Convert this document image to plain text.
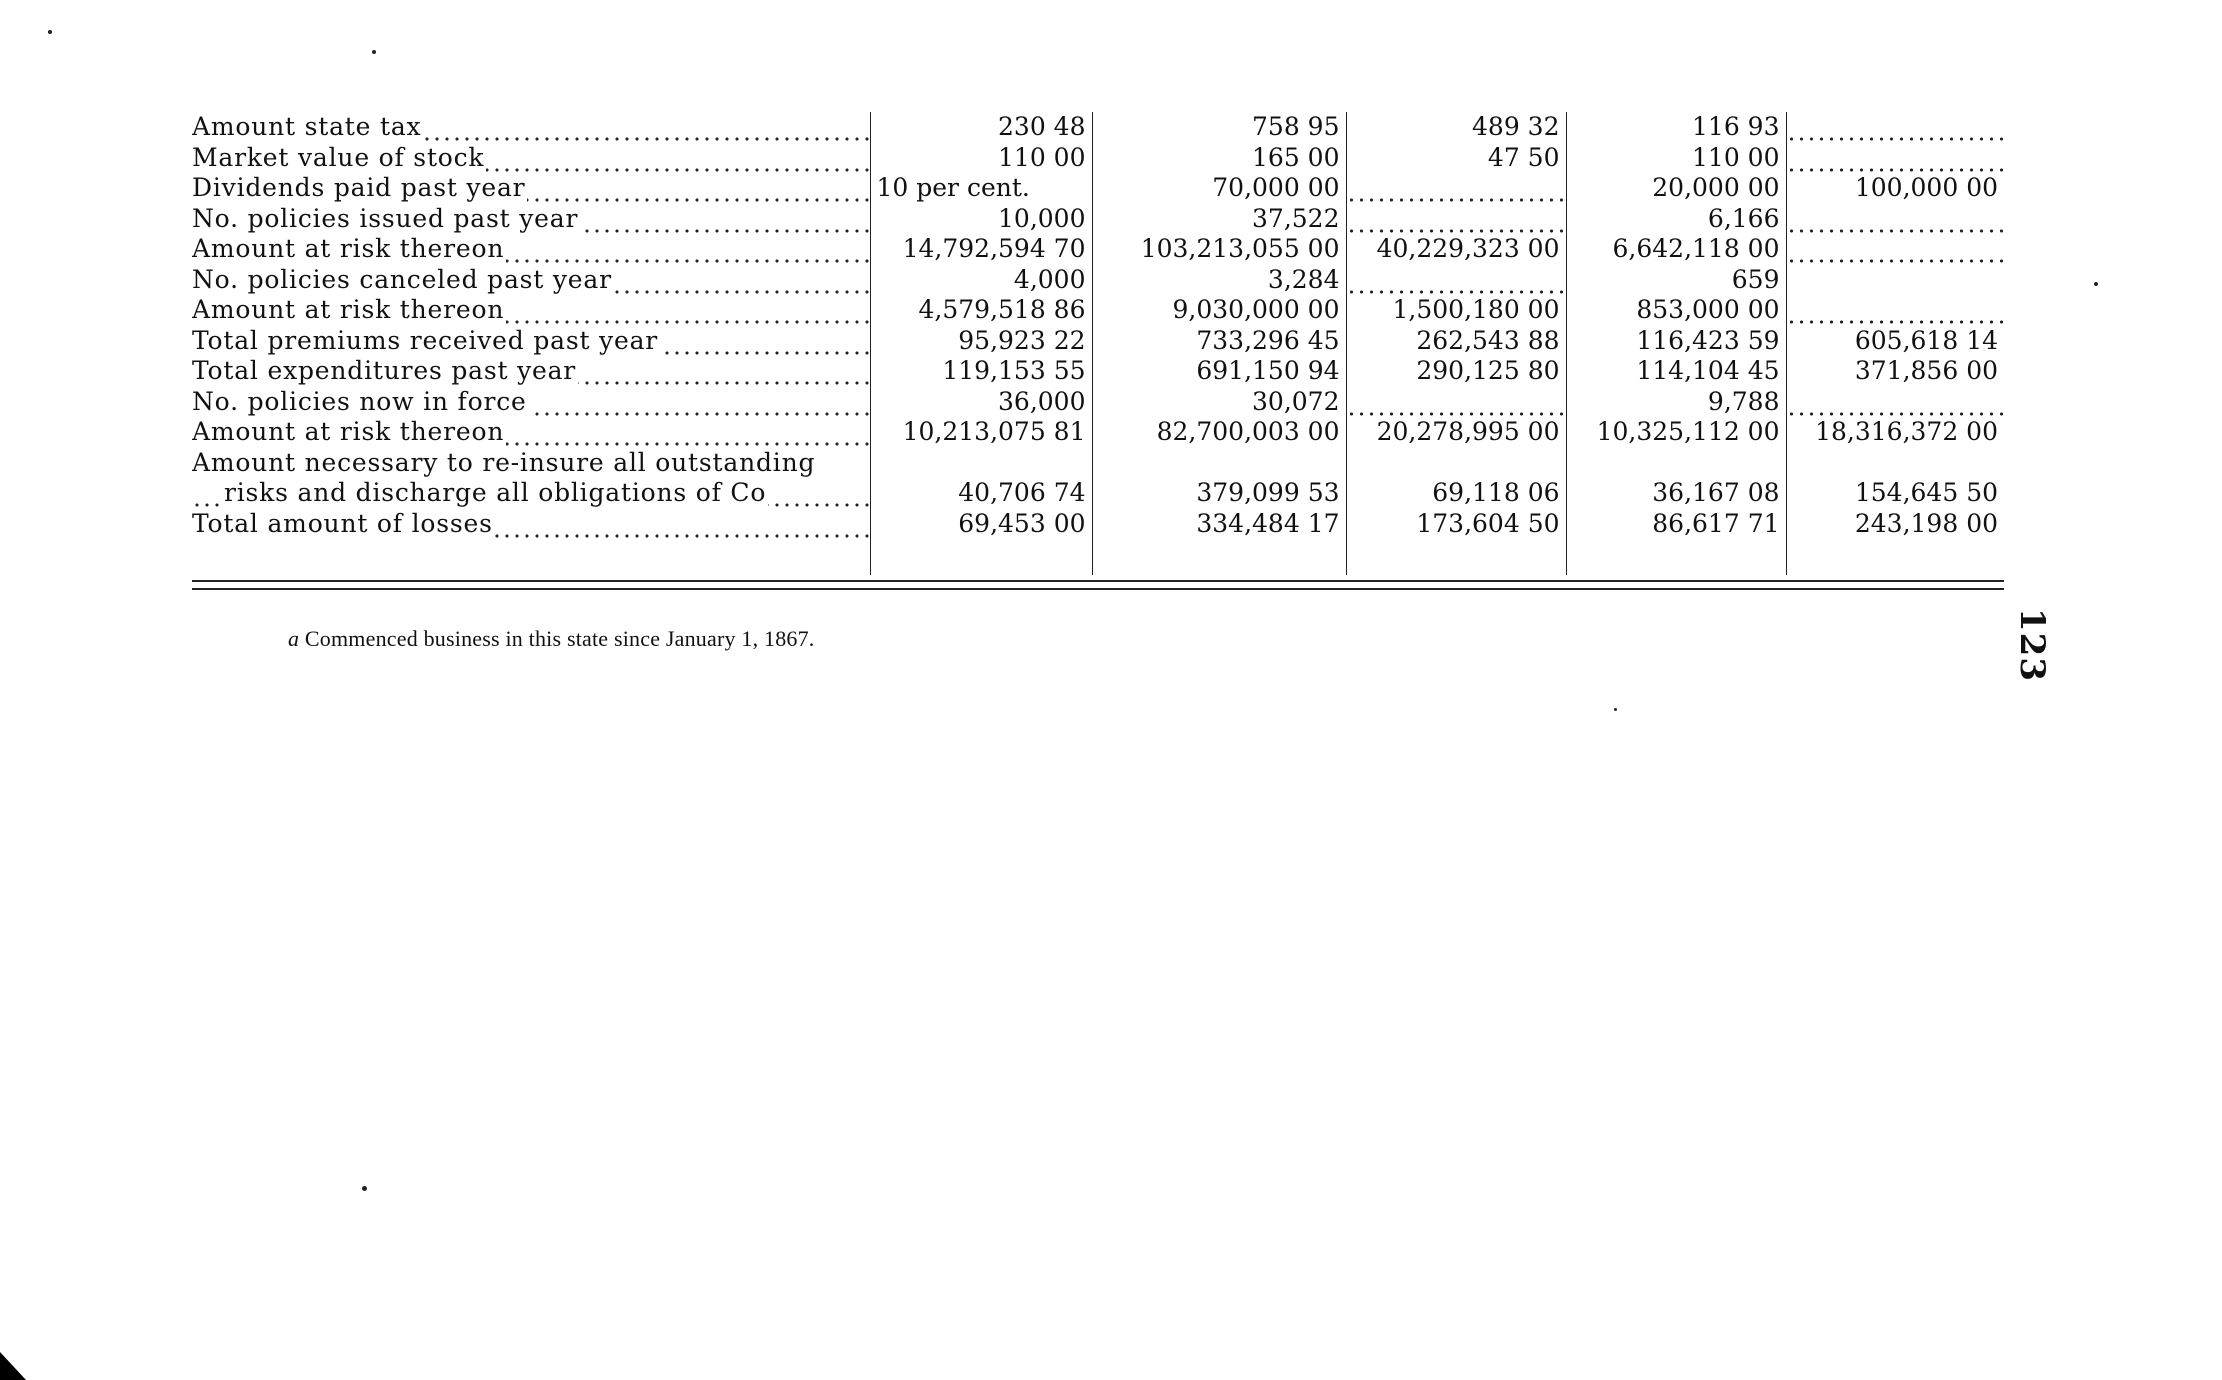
Amount state tax	230 48	758 95	489 32	116 93	
Market value of stock	110 00	165 00	47 50	110 00	
Dividends paid past year	10 per cent.	70,000 00		20,000 00	100,000 00
No. policies issued past year	10,000	37,522		6,166	
Amount at risk thereon	14,792,594 70	103,213,055 00	40,229,323 00	6,642,118 00	
No. policies canceled past year	4,000	3,284		659	
Amount at risk thereon	4,579,518 86	9,030,000 00	1,500,180 00	853,000 00	
Total premiums received past year	95,923 22	733,296 45	262,543 88	116,423 59	605,618 14
Total expenditures past year	119,153 55	691,150 94	290,125 80	114,104 45	371,856 00
No. policies now in force	36,000	30,072		9,788	
Amount at risk thereon	10,213,075 81	82,700,003 00	20,278,995 00	10,325,112 00	18,316,372 00
Amount necessary to re-insure all outstanding					
risks and discharge all obligations of Co	40,706 74	379,099 53	69,118 06	36,167 08	154,645 50
Total amount of losses	69,453 00	334,484 17	173,604 50	86,617 71	243,198 00

a Commenced business in this state since January 1, 1867.	123
